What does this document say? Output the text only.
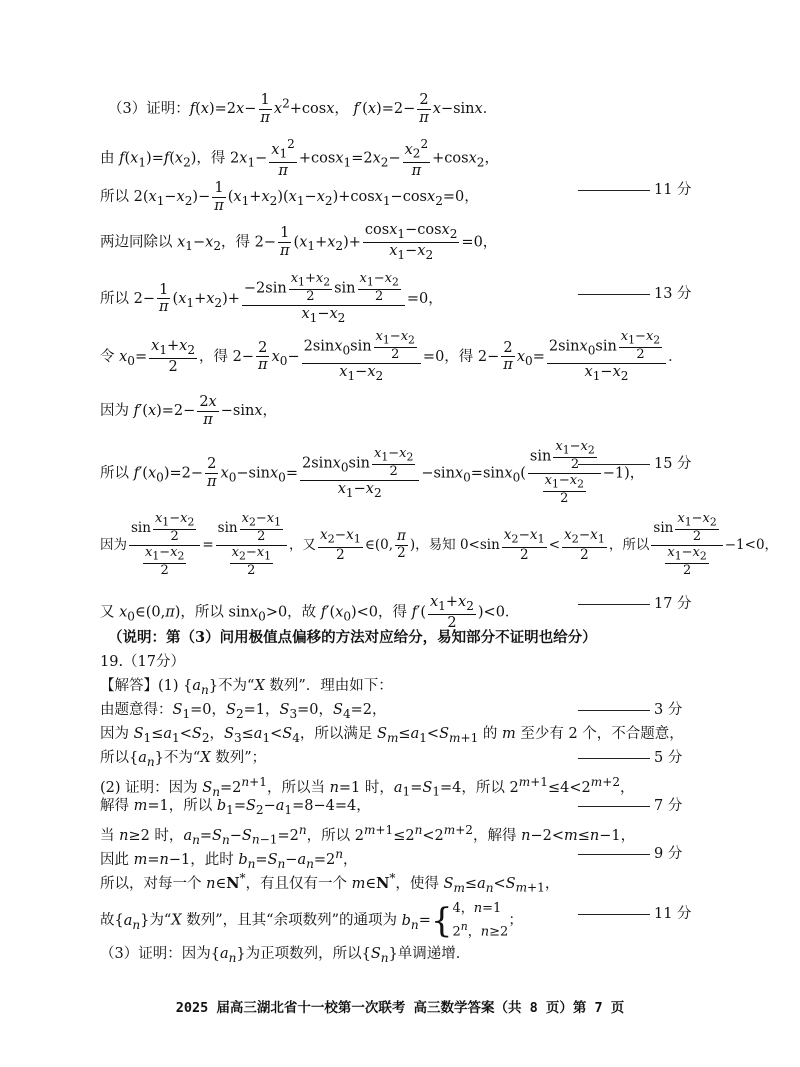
（3）证明：$f(x)=2x- \frac{1}{\pi} x^2+\cos x$， $f'(x)=2- \frac{2}{\pi} x-\sin x$．
由 $f(x_1)=f(x_2)$，得 $2x_1- \frac{x_1^2}{\pi} +\cos x_1=2x_2- \frac{x_2^2}{\pi} +\cos x_2$，
所以 $2(x_1-x_2)- \frac{1}{\pi} (x_1+x_2)(x_1-x_2)+\cos x_1-\cos x_2=0$，	11 分
两边同除以 $x_1-x_2$，得 $2- \frac{1}{\pi} (x_1+x_2)+ \frac{\cos x_1-\cos x_2}{x_1-x_2} =0$，
所以 $2- \frac{1}{\pi} (x_1+x_2)+ \frac{-2\sin \frac{x_1+x_2}{2} \sin \frac{x_1-x_2}{2}}{x_1-x_2} =0$，	13 分
令 $x_0= \frac{x_1+x_2}{2}$ ，得 $2- \frac{2}{\pi} x_0- \frac{2\sin x_0\sin \frac{x_1-x_2}{2}}{x_1-x_2} =0$，得 $2- \frac{2}{\pi} x_0= \frac{2\sin x_0\sin \frac{x_1-x_2}{2}}{x_1-x_2}$ ．
因为 $f'(x)=2- \frac{2x}{\pi} -\sin x$，
所以 $f'(x_0)=2- \frac{2}{\pi} x_0-\sin x_0= \frac{2\sin x_0\sin \frac{x_1-x_2}{2}}{x_1-x_2} -\sin x_0=\sin x_0( \frac{\sin \frac{x_1-x_2}{2}}{\frac{x_1-x_2}{2}} -1)$，
15 分
因为 $\frac{\sin \frac{x_1-x_2}{2}}{\frac{x_1-x_2}{2}} = \frac{\sin \frac{x_2-x_1}{2}}{\frac{x_2-x_1}{2}}$ ，又 $\frac{x_2-x_1}{2}$ ∈(0, $\frac{\pi}{2}$ )，易知 $0<\sin \frac{x_2-x_1}{2} < \frac{x_2-x_1}{2}$ ，所以 $\frac{\sin \frac{x_1-x_2}{2}}{\frac{x_1-x_2}{2}} -1<0$，
又 $x_0\in(0,\pi)$，所以 sinx$_0$>0，故 $f'(x_0)<0$，得 $f'( \frac{x_1+x_2}{2} )<0$．
17 分
（说明：第（3）问用极值点偏移的方法对应给分，易知部分不证明也给分）
19.（17分）
【解答】(1) $\{a_n\}$不为“X 数列”．理由如下：
由题意得：$S_1=0$，$S_2=1$，$S_3=0$，$S_4=2$，	3 分
因为 $S_1\le a_1<S_2$，$S_3\le a_1<S_4$，所以满足 $S_m\le a_1<S_{m+1}$ 的 m 至少有 2 个，不合题意，
所以$\{a_n\}$不为“X 数列”；	5 分
(2) 证明：因为 $S_n=2^{n+1}$，所以当 n=1 时，$a_1=S_1=4$，所以 $2^{m+1}\le 4<2^{m+2}$，
解得 m=1，所以 $b_1=S_2-a_1=8-4=4$，	7 分
当 n≥2 时，$a_n=S_n-S_{n-1}=2^n$，所以 $2^{m+1}\le 2^n<2^{m+2}$，解得 n−2<m≤n−1，
因此 m=n−1，此时 $b_n=S_n-a_n=2^n$，	9 分
所以，对每一个 n∈N*，有且仅有一个 m∈N*，使得 $S_m\le a_n<S_{m+1}$，
故$\{a_n\}$为“X 数列”，且其“余项数列”的通项为 $b_n=$ { 4，n=1
2$^n$，n≥2
；	11 分
（3）证明：因为$\{a_n\}$为正项数列，所以$\{S_n\}$单调递增．
2025 届高三湖北省十一校第一次联考 高三数学答案（共 8 页）第 7 页
